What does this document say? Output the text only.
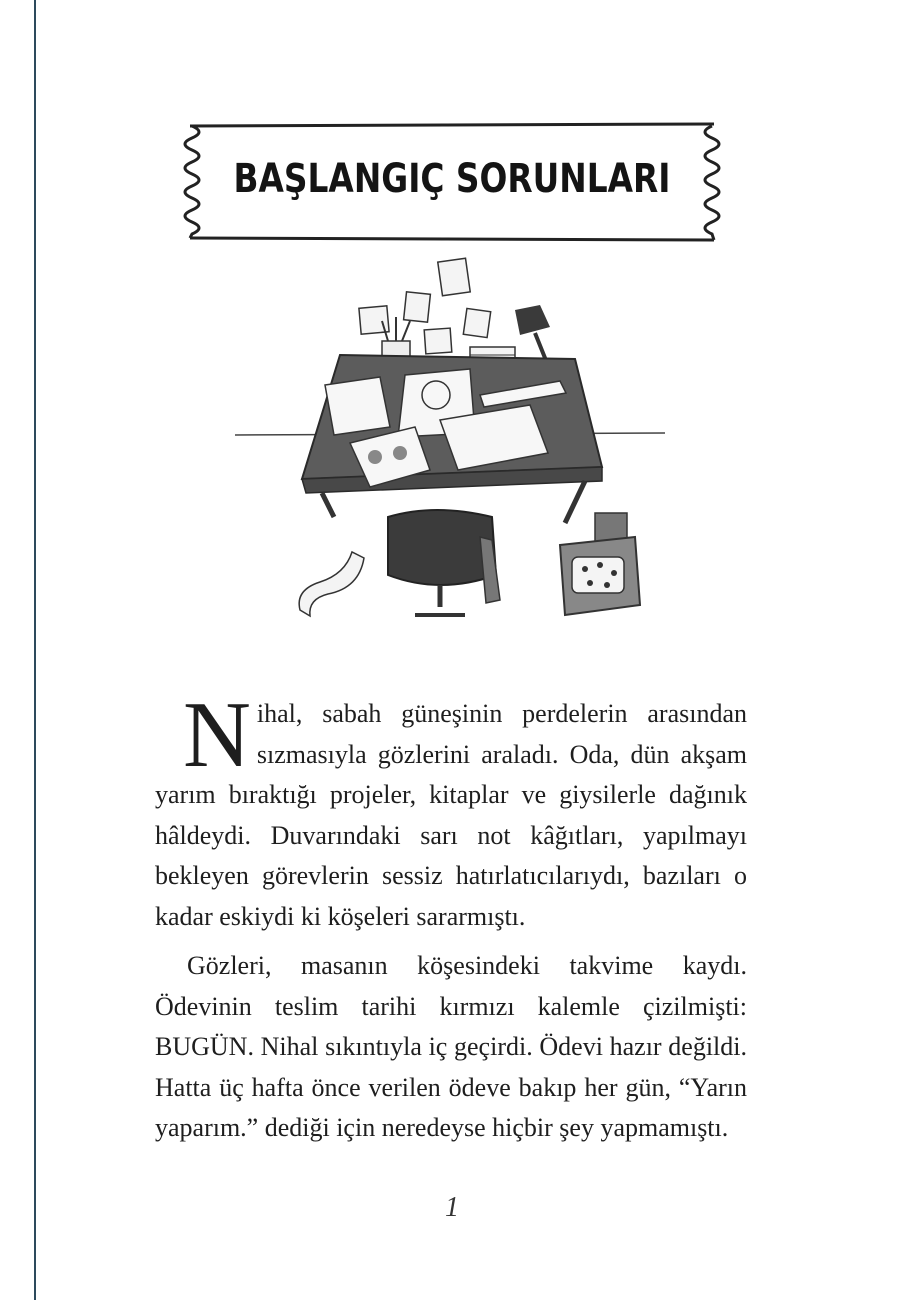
BAŞLANGIÇ SORUNLARI

Nihal, sabah güneşinin perdelerin arasından sızmasıyla gözlerini araladı. Oda, dün akşam yarım bıraktığı projeler, kitaplar ve giysilerle dağınık hâldeydi. Duvarındaki sarı not kâğıtları, yapılmayı bekleyen görevlerin sessiz hatırlatıcılarıydı, bazıları o kadar eskiydi ki köşeleri sararmıştı.

Gözleri, masanın köşesindeki takvime kaydı. Ödevinin teslim tarihi kırmızı kalemle çizilmişti: BUGÜN. Nihal sıkıntıyla iç geçirdi. Ödevi hazır değildi. Hatta üç hafta önce verilen ödeve bakıp her gün, “Yarın yaparım.” dediği için neredeyse hiçbir şey yapmamıştı.

1
